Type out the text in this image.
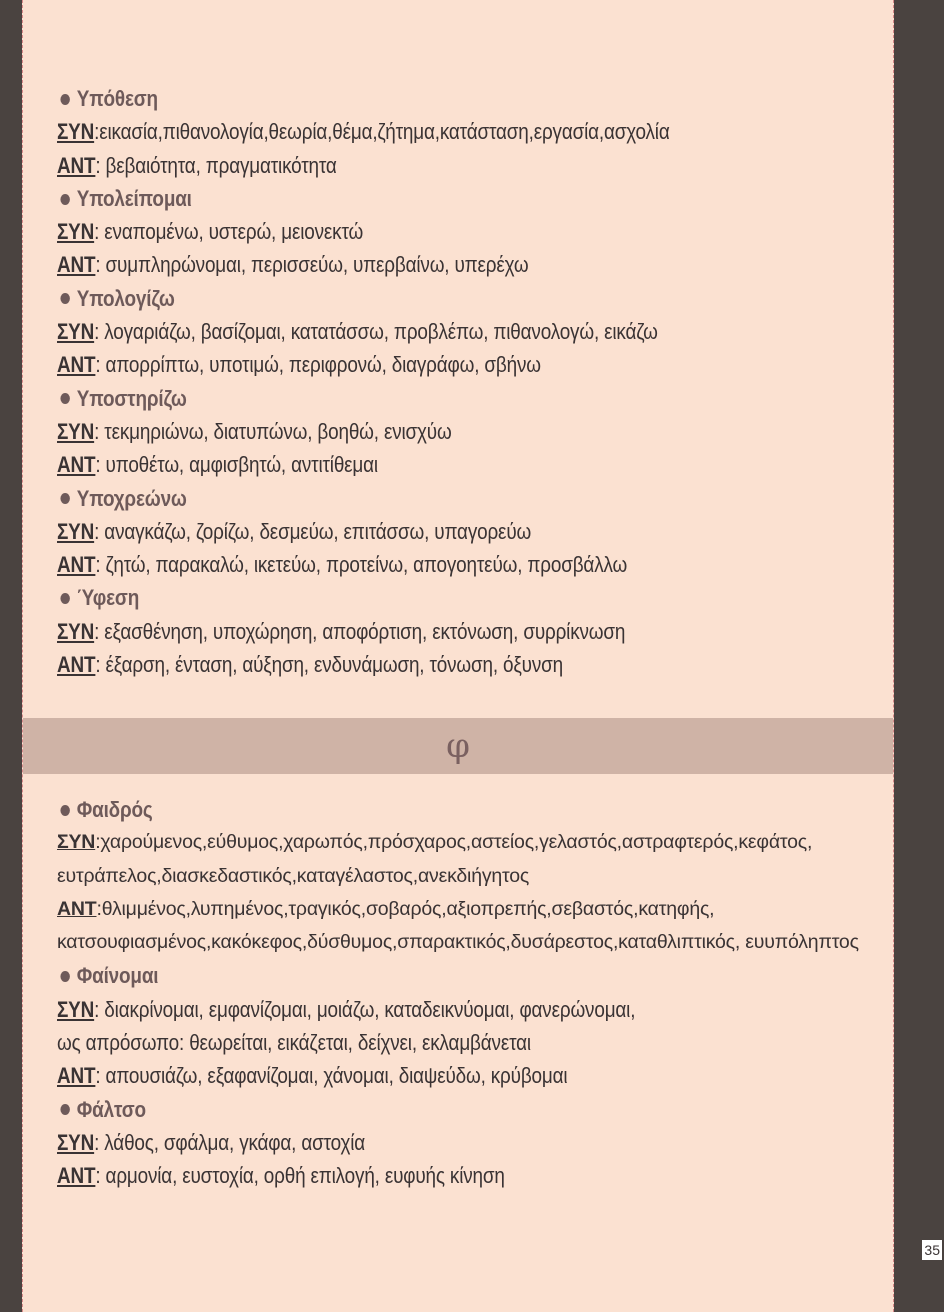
Υπόθεση
ΣΥΝ:εικασία,πιθανολογία,θεωρία,θέμα,ζήτημα,κατάσταση,εργασία,ασχολία
ΑΝΤ: βεβαιότητα, πραγματικότητα
Υπολείπομαι
ΣΥΝ: εναπομένω, υστερώ, μειονεκτώ
ΑΝΤ: συμπληρώνομαι, περισσεύω, υπερβαίνω, υπερέχω
Υπολογίζω
ΣΥΝ: λογαριάζω, βασίζομαι, κατατάσσω, προβλέπω, πιθανολογώ, εικάζω
ΑΝΤ: απορρίπτω, υποτιμώ, περιφρονώ, διαγράφω, σβήνω
Υποστηρίζω
ΣΥΝ: τεκμηριώνω, διατυπώνω, βοηθώ, ενισχύω
ΑΝΤ: υποθέτω, αμφισβητώ, αντιτίθεμαι
Υποχρεώνω
ΣΥΝ: αναγκάζω, ζορίζω, δεσμεύω, επιτάσσω, υπαγορεύω
ΑΝΤ: ζητώ, παρακαλώ, ικετεύω, προτείνω, απογοητεύω, προσβάλλω
Ύφεση
ΣΥΝ: εξασθένηση, υποχώρηση, αποφόρτιση, εκτόνωση, συρρίκνωση
ΑΝΤ: έξαρση, ένταση, αύξηση, ενδυνάμωση, τόνωση, όξυνση
φ
Φαιδρός
ΣΥΝ:χαρούμενος,εύθυμος,χαρωπός,πρόσχαρος,αστείος,γελαστός,αστραφτερός,κεφάτος, ευτράπελος,διασκεδαστικός,καταγέλαστος,ανεκδιήγητος
ΑΝΤ:θλιμμένος,λυπημένος,τραγικός,σοβαρός,αξιοπρεπής,σεβαστός,κατηφής, κατσουφιασμένος,κακόκεφος,δύσθυμος,σπαρακτικός,δυσάρεστος,καταθλιπτικός, ευυπόληπτος
Φαίνομαι
ΣΥΝ: διακρίνομαι, εμφανίζομαι, μοιάζω, καταδεικνύομαι, φανερώνομαι,
ως απρόσωπο: θεωρείται, εικάζεται, δείχνει, εκλαμβάνεται
ΑΝΤ: απουσιάζω, εξαφανίζομαι, χάνομαι, διαψεύδω, κρύβομαι
Φάλτσο
ΣΥΝ: λάθος, σφάλμα, γκάφα, αστοχία
ΑΝΤ: αρμονία, ευστοχία, ορθή επιλογή, ευφυής κίνηση
35
